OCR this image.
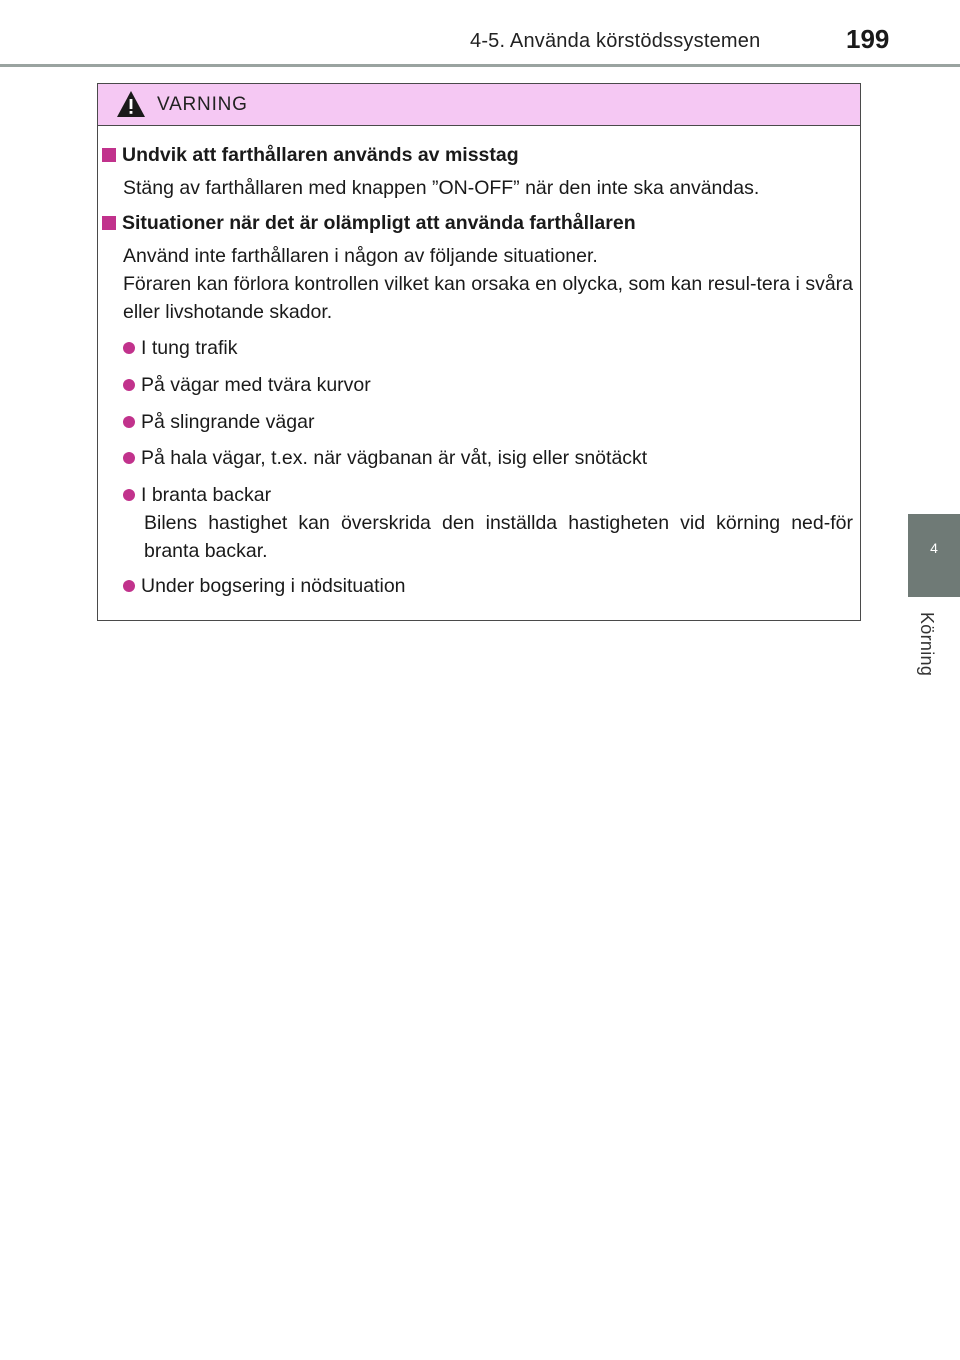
4-5. Använda körstödssystemen	199
4
Körning
VARNING
Undvik att farthållaren används av misstag
Stäng av farthållaren med knappen ”ON-OFF” när den inte ska användas.
Situationer när det är olämpligt att använda farthållaren
Använd inte farthållaren i någon av följande situationer.
Föraren kan förlora kontrollen vilket kan orsaka en olycka, som kan resul-tera i svåra eller livshotande skador.
I tung trafik
På vägar med tvära kurvor
På slingrande vägar
På hala vägar, t.ex. när vägbanan är våt, isig eller snötäckt
I branta backar
Bilens hastighet kan överskrida den inställda hastigheten vid körning ned-för branta backar.
Under bogsering i nödsituation
